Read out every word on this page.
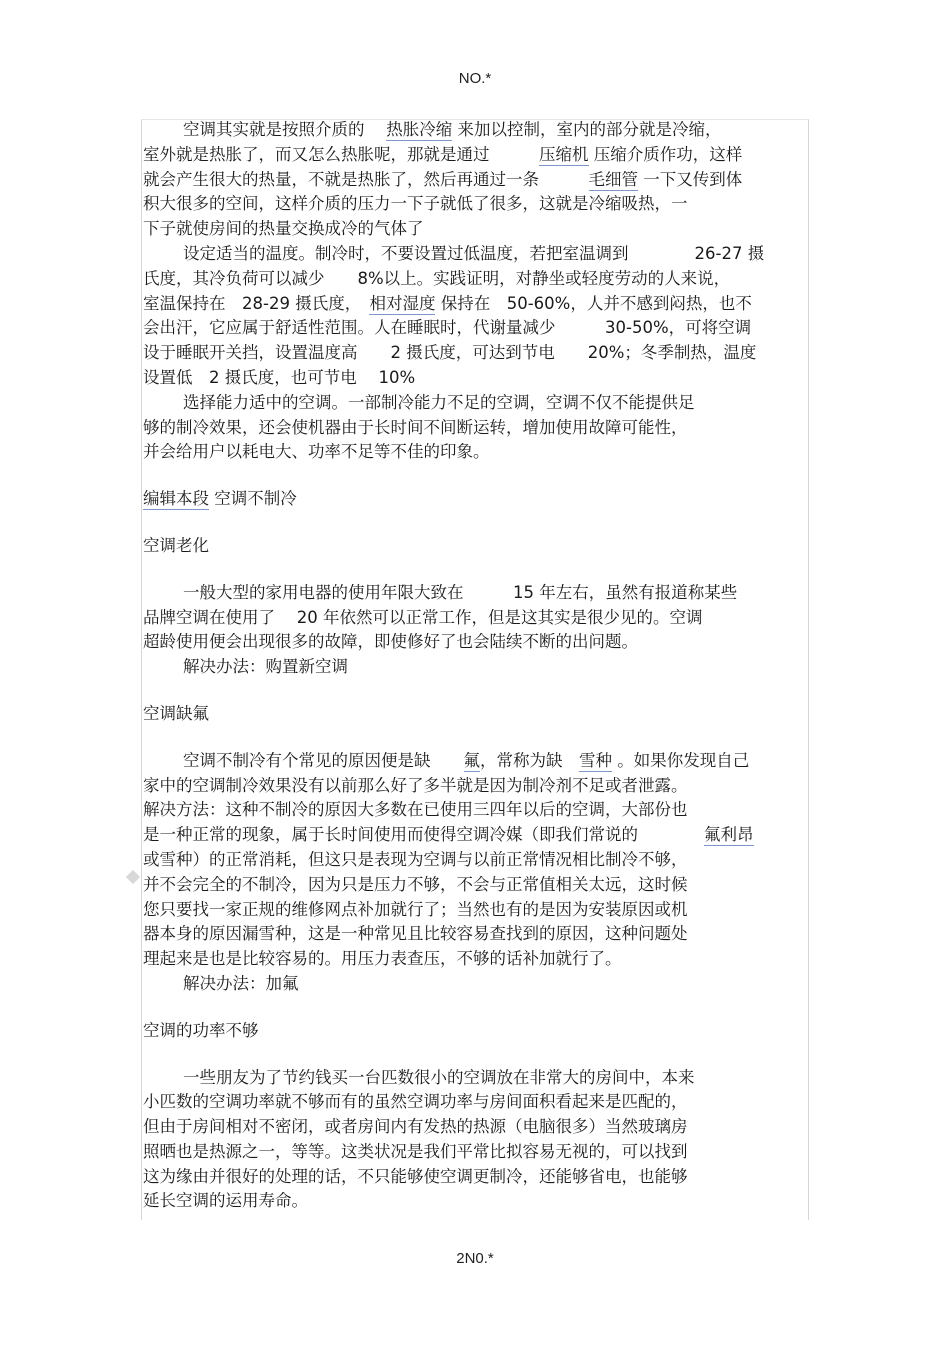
NO.*

空调其实就是按照介质的　 热胀冷缩 来加以控制，室内的部分就是冷缩，
室外就是热胀了，而又怎么热胀呢，那就是通过　　　压缩机 压缩介质作功，这样
就会产生很大的热量，不就是热胀了，然后再通过一条　　　毛细管 一下又传到体
积大很多的空间，这样介质的压力一下子就低了很多，这就是冷缩吸热，一
下子就使房间的热量交换成冷的气体了

设定适当的温度。制冷时，不要设置过低温度，若把室温调到　　　　26-27 摄
氏度，其冷负荷可以减少　　8%以上。实践证明，对静坐或轻度劳动的人来说，
室温保持在　28-29 摄氏度，　相对湿度 保持在　50-60%，人并不感到闷热，也不
会出汗，它应属于舒适性范围。人在睡眠时，代谢量减少　　　30-50%，可将空调
设于睡眠开关挡，设置温度高　　2 摄氏度，可达到节电　　20%；冬季制热，温度
设置低　2 摄氏度，也可节电　 10%

选择能力适中的空调。一部制冷能力不足的空调，空调不仅不能提供足
够的制冷效果，还会使机器由于长时间不间断运转，增加使用故障可能性，
并会给用户以耗电大、功率不足等不佳的印象。

编辑本段 空调不制冷

空调老化

一般大型的家用电器的使用年限大致在　　　15 年左右，虽然有报道称某些
品牌空调在使用了　 20 年依然可以正常工作，但是这其实是很少见的。空调
超龄使用便会出现很多的故障，即使修好了也会陆续不断的出问题。
解决办法：购置新空调

空调缺氟

空调不制冷有个常见的原因便是缺　　氟，常称为缺　雪种 。如果你发现自己
家中的空调制冷效果没有以前那么好了多半就是因为制冷剂不足或者泄露。
解决方法：这种不制冷的原因大多数在已使用三四年以后的空调，大部份也
是一种正常的现象，属于长时间使用而使得空调冷媒（即我们常说的　　　　氟利昂
或雪种）的正常消耗，但这只是表现为空调与以前正常情况相比制冷不够，
并不会完全的不制冷，因为只是压力不够，不会与正常值相关太远，这时候
您只要找一家正规的维修网点补加就行了；当然也有的是因为安装原因或机
器本身的原因漏雪种，这是一种常见且比较容易查找到的原因，这种问题处
理起来是也是比较容易的。用压力表查压，不够的话补加就行了。
解决办法：加氟

空调的功率不够

一些朋友为了节约钱买一台匹数很小的空调放在非常大的房间中，本来
小匹数的空调功率就不够而有的虽然空调功率与房间面积看起来是匹配的，
但由于房间相对不密闭，或者房间内有发热的热源（电脑很多）当然玻璃房
照晒也是热源之一，等等。这类状况是我们平常比拟容易无视的，可以找到
这为缘由并很好的处理的话，不只能够使空调更制冷，还能够省电，也能够
延长空调的运用寿命。

2N0.*
